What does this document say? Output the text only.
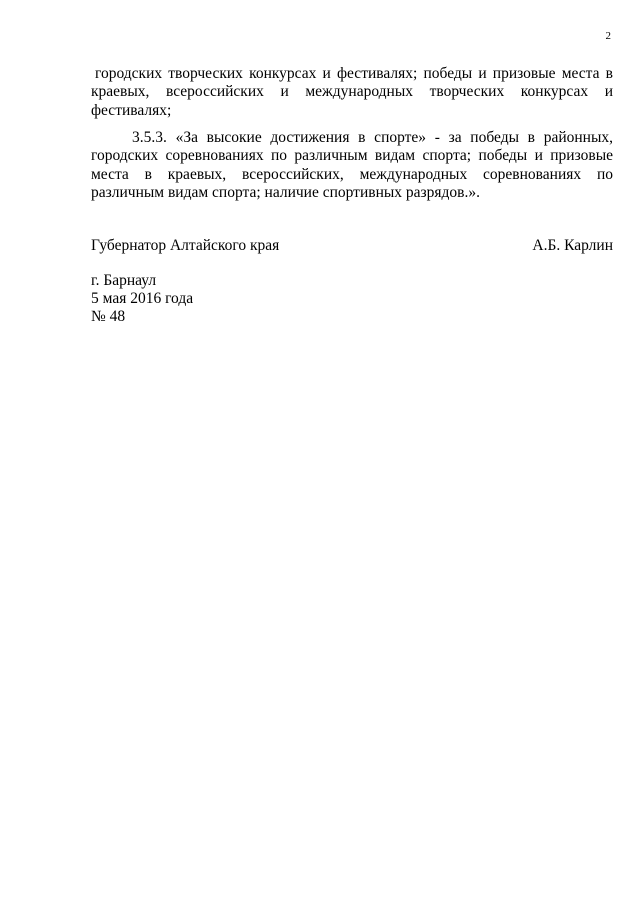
2

городских творческих конкурсах и фестивалях; победы и призовые места в краевых, всероссийских и международных творческих конкурсах и фестивалях;

3.5.3. «За высокие достижения в спорте» - за победы в районных, городских соревнованиях по различным видам спорта; победы и призовые места в краевых, всероссийских, международных соревнованиях по различным видам спорта; наличие спортивных разрядов.».

Губернатор Алтайского края	А.Б. Карлин
г. Барнаул
5 мая 2016 года
№ 48
